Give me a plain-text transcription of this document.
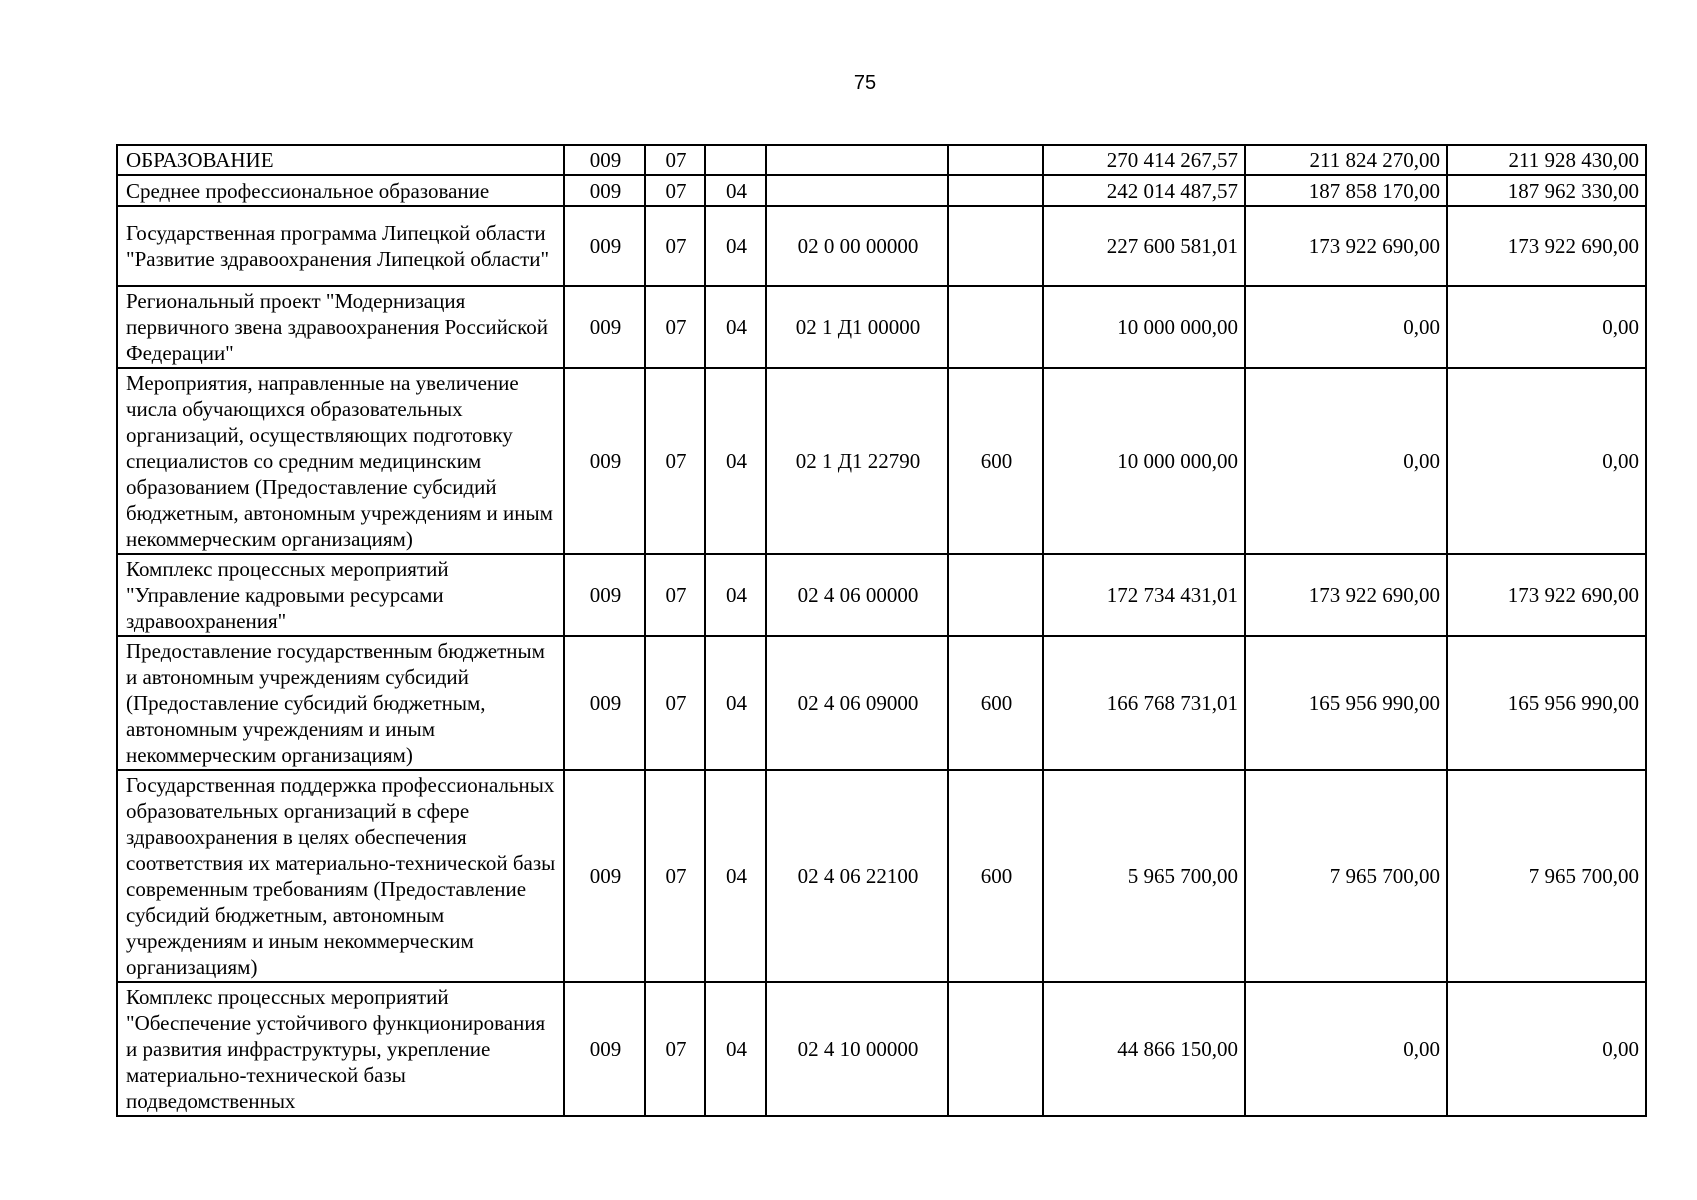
75
ОБРАЗОВАНИЕ	009	07				270 414 267,57	211 824 270,00	211 928 430,00
Среднее профессиональное образование	009	07	04			242 014 487,57	187 858 170,00	187 962 330,00
Государственная программа Липецкой области "Развитие здравоохранения Липецкой области"	009	07	04	02 0 00 00000		227 600 581,01	173 922 690,00	173 922 690,00
Региональный проект "Модернизация первичного звена здравоохранения Российской Федерации"	009	07	04	02 1 Д1 00000		10 000 000,00	0,00	0,00
Мероприятия, направленные на увеличение числа обучающихся образовательных организаций, осуществляющих подготовку специалистов со средним медицинским образованием (Предоставление субсидий бюджетным, автономным учреждениям и иным некоммерческим организациям)	009	07	04	02 1 Д1 22790	600	10 000 000,00	0,00	0,00
Комплекс процессных мероприятий "Управление кадровыми ресурсами здравоохранения"	009	07	04	02 4 06 00000		172 734 431,01	173 922 690,00	173 922 690,00
Предоставление государственным бюджетным и автономным учреждениям субсидий (Предоставление субсидий бюджетным, автономным учреждениям и иным некоммерческим организациям)	009	07	04	02 4 06 09000	600	166 768 731,01	165 956 990,00	165 956 990,00
Государственная поддержка профессиональных образовательных организаций в сфере здравоохранения в целях обеспечения соответствия их материально-технической базы современным требованиям (Предоставление субсидий бюджетным, автономным учреждениям и иным некоммерческим организациям)	009	07	04	02 4 06 22100	600	5 965 700,00	7 965 700,00	7 965 700,00
Комплекс процессных мероприятий "Обеспечение устойчивого функционирования и развития инфраструктуры, укрепление материально-технической базы подведомственных	009	07	04	02 4 10 00000		44 866 150,00	0,00	0,00
